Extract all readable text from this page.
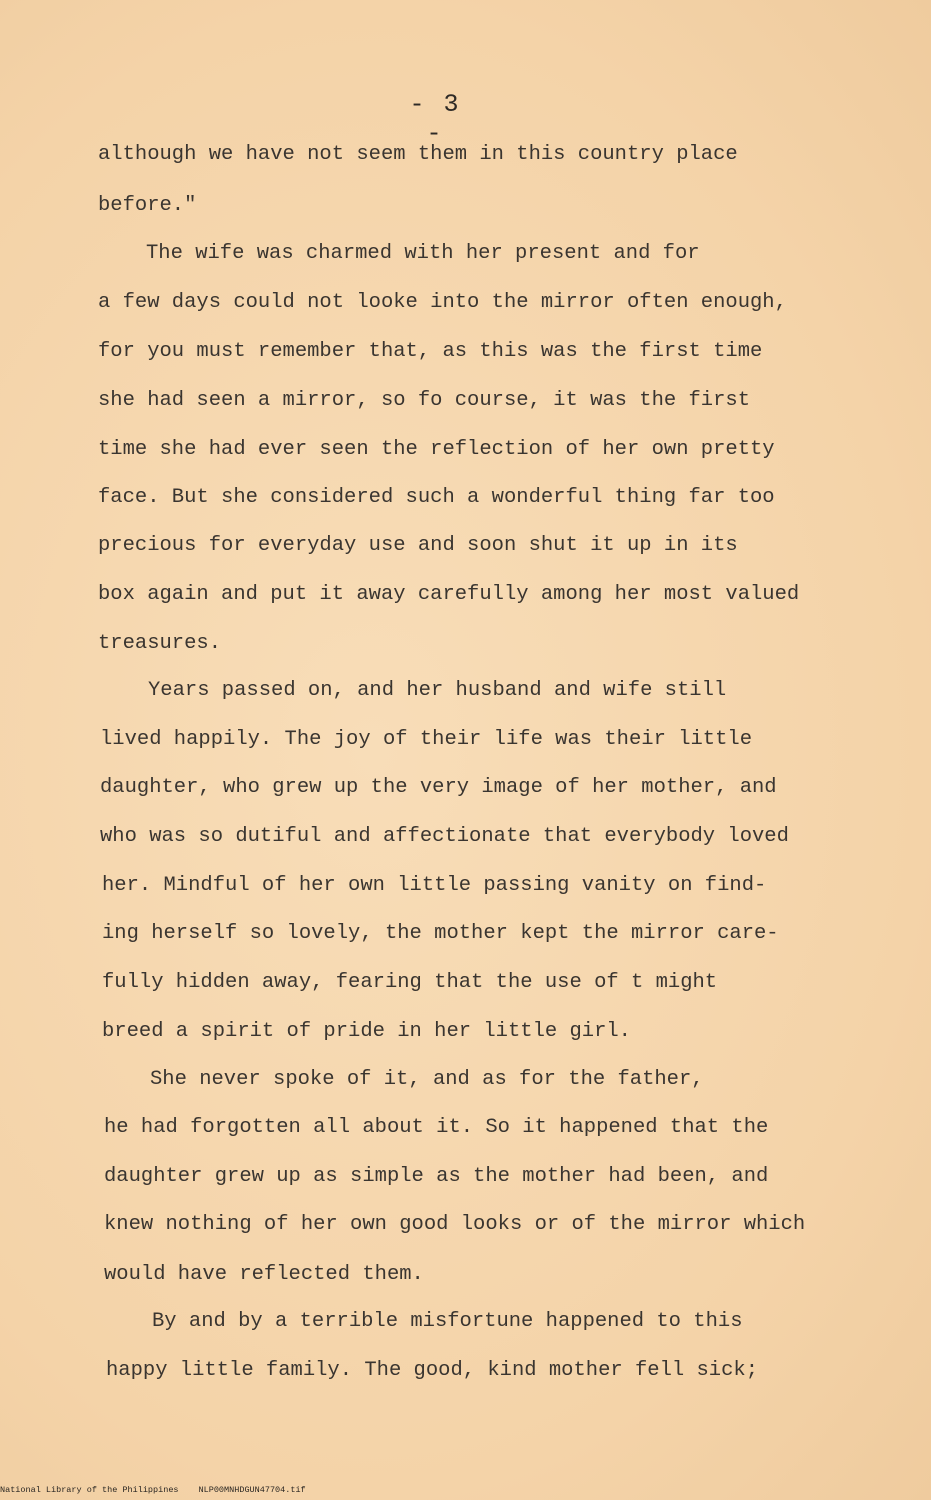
- 3 -
although we have not seem them in this country place
before."
The wife was charmed with her present and for
a few days could not looke into the mirror often enough,
for you must remember that, as this was the first time
she had seen a mirror, so fo course, it was the first
time she had ever seen the reflection of her own pretty
face. But she considered such a wonderful thing far too
precious for everyday use and soon shut it up in its
box again and put it away carefully among her most valued
treasures.
Years passed on, and her husband and wife still
lived happily. The joy of their life was their little
daughter, who grew up the very image of her mother, and
who was so dutiful and affectionate that everybody loved
her. Mindful of her own little passing vanity on find-
ing herself so lovely, the mother kept the mirror care-
fully hidden away, fearing that the use of t might
breed a spirit of pride in her little girl.
She never spoke of it, and as for the father,
he had forgotten all about it. So it happened that the
daughter grew up as simple as the mother had been, and
knew nothing of her own good looks or of the mirror which
would have reflected them.
By and by a terrible misfortune happened to this
happy little family. The good, kind mother fell sick;
National Library of the Philippines NLP00MNHDGUN47704.tif
